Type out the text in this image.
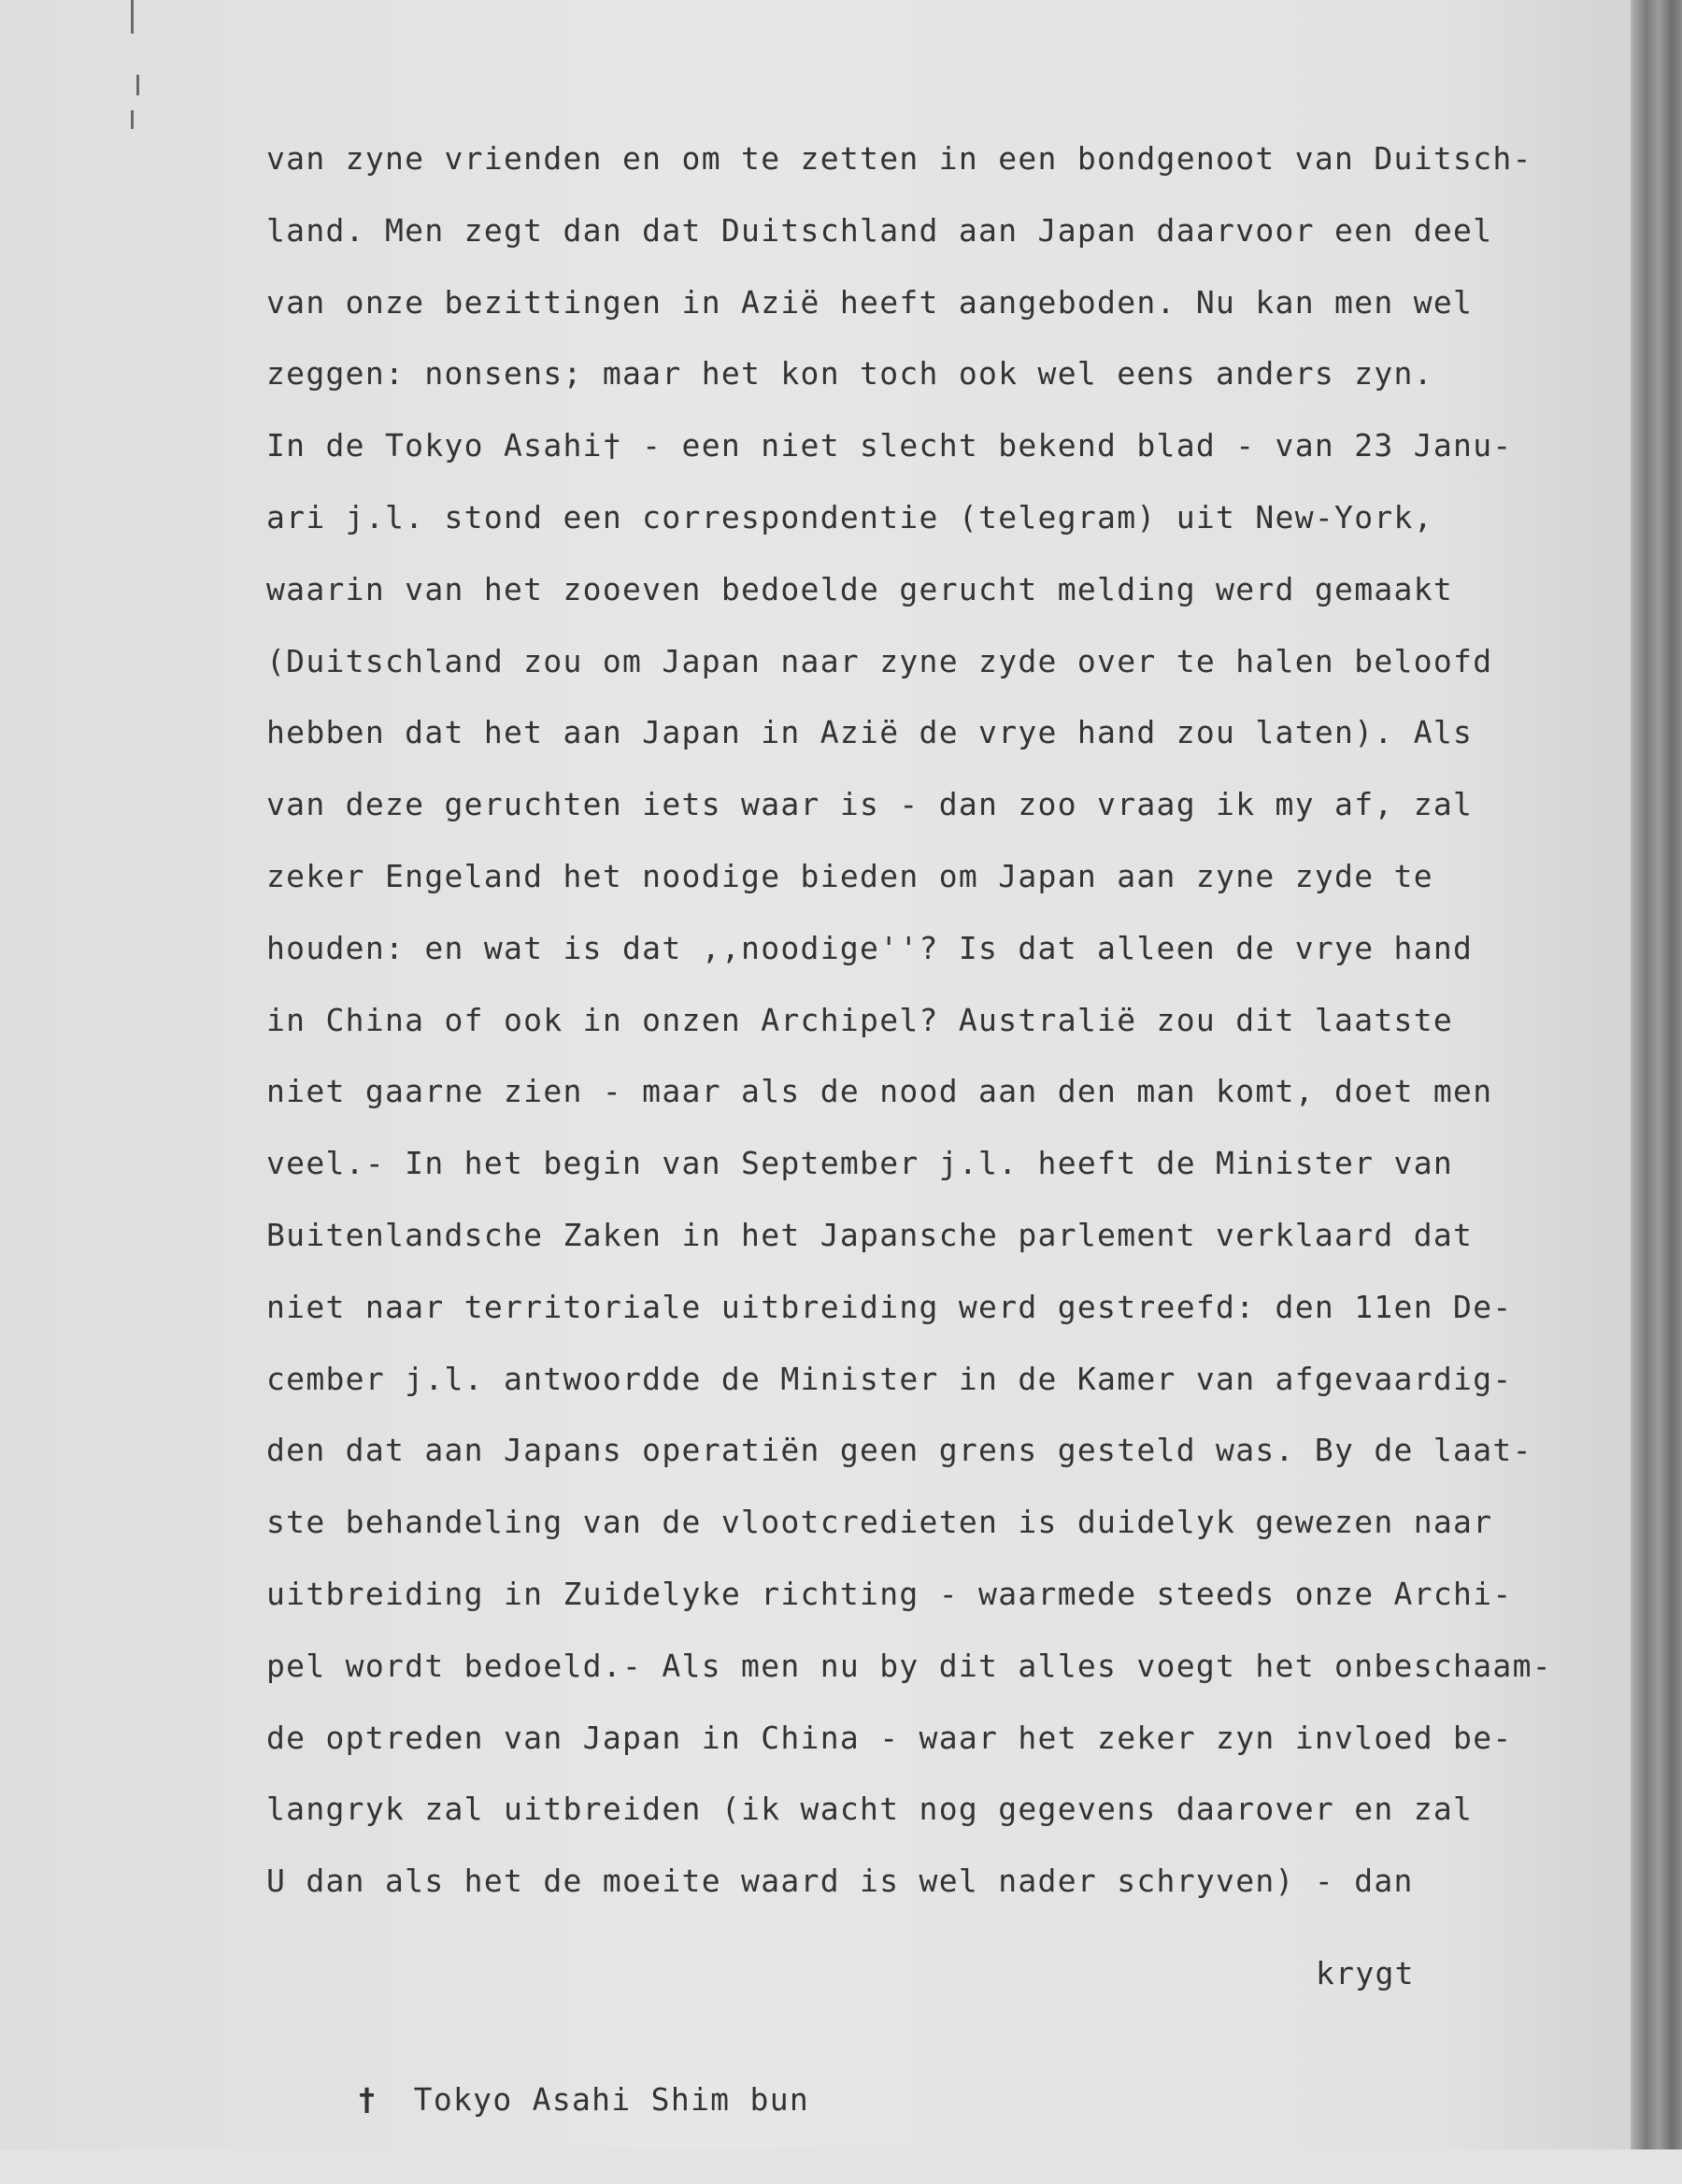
van zyne vrienden en om te zetten in een bondgenoot van Duitsch-
land. Men zegt dan dat Duitschland aan Japan daarvoor een deel
van onze bezittingen in Azië heeft aangeboden. Nu kan men wel
zeggen: nonsens; maar het kon toch ook wel eens anders zyn.
In de Tokyo Asahi† - een niet slecht bekend blad - van 23 Janu-
ari j.l. stond een correspondentie (telegram) uit New-York,
waarin van het zooeven bedoelde gerucht melding werd gemaakt
(Duitschland zou om Japan naar zyne zyde over te halen beloofd
hebben dat het aan Japan in Azië de vrye hand zou laten). Als
van deze geruchten iets waar is - dan zoo vraag ik my af, zal
zeker Engeland het noodige bieden om Japan aan zyne zyde te
houden: en wat is dat ,,noodige''? Is dat alleen de vrye hand
in China of ook in onzen Archipel? Australië zou dit laatste
niet gaarne zien - maar als de nood aan den man komt, doet men
veel.- In het begin van September j.l. heeft de Minister van
Buitenlandsche Zaken in het Japansche parlement verklaard dat
niet naar territoriale uitbreiding werd gestreefd: den 11en De-
cember j.l. antwoordde de Minister in de Kamer van afgevaardig-
den dat aan Japans operatiën geen grens gesteld was. By de laat-
ste behandeling van de vlootcredieten is duidelyk gewezen naar
uitbreiding in Zuidelyke richting - waarmede steeds onze Archi-
pel wordt bedoeld.- Als men nu by dit alles voegt het onbeschaam-
de optreden van Japan in China - waar het zeker zyn invloed be-
langryk zal uitbreiden (ik wacht nog gegevens daarover en zal
U dan als het de moeite waard is wel nader schryven) - dan
krygt

† Tokyo Asahi Shim bun
